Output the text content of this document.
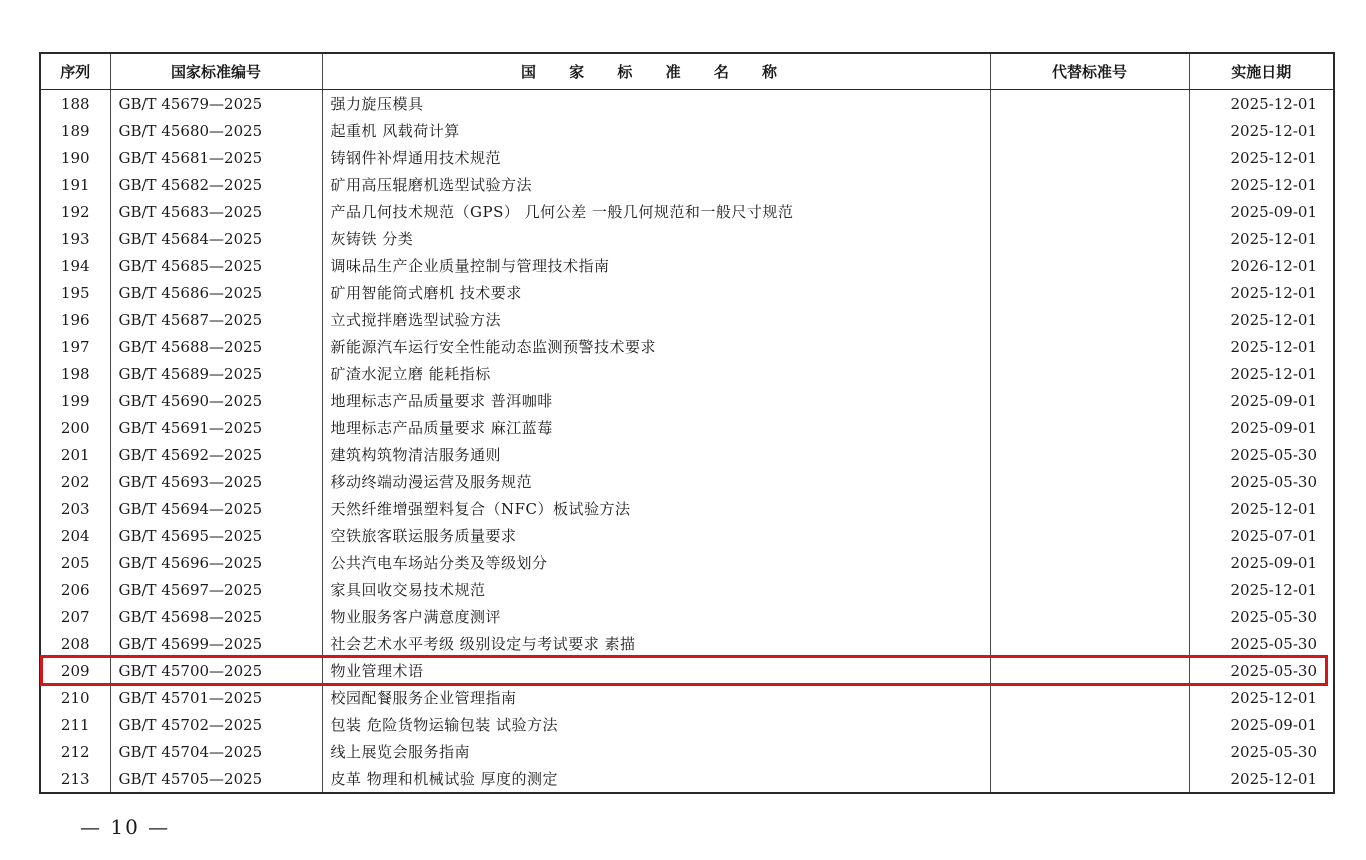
序列	国家标准编号	国 家 标 准 名 称	代替标准号	实施日期
188	GB/T 45679—2025	强力旋压模具		2025-12-01
189	GB/T 45680—2025	起重机 风载荷计算		2025-12-01
190	GB/T 45681—2025	铸钢件补焊通用技术规范		2025-12-01
191	GB/T 45682—2025	矿用高压辊磨机选型试验方法		2025-12-01
192	GB/T 45683—2025	产品几何技术规范（GPS） 几何公差 一般几何规范和一般尺寸规范		2025-09-01
193	GB/T 45684—2025	灰铸铁 分类		2025-12-01
194	GB/T 45685—2025	调味品生产企业质量控制与管理技术指南		2026-12-01
195	GB/T 45686—2025	矿用智能筒式磨机 技术要求		2025-12-01
196	GB/T 45687—2025	立式搅拌磨选型试验方法		2025-12-01
197	GB/T 45688—2025	新能源汽车运行安全性能动态监测预警技术要求		2025-12-01
198	GB/T 45689—2025	矿渣水泥立磨 能耗指标		2025-12-01
199	GB/T 45690—2025	地理标志产品质量要求 普洱咖啡		2025-09-01
200	GB/T 45691—2025	地理标志产品质量要求 麻江蓝莓		2025-09-01
201	GB/T 45692—2025	建筑构筑物清洁服务通则		2025-05-30
202	GB/T 45693—2025	移动终端动漫运营及服务规范		2025-05-30
203	GB/T 45694—2025	天然纤维增强塑料复合（NFC）板试验方法		2025-12-01
204	GB/T 45695—2025	空铁旅客联运服务质量要求		2025-07-01
205	GB/T 45696—2025	公共汽电车场站分类及等级划分		2025-09-01
206	GB/T 45697—2025	家具回收交易技术规范		2025-12-01
207	GB/T 45698—2025	物业服务客户满意度测评		2025-05-30
208	GB/T 45699—2025	社会艺术水平考级 级别设定与考试要求 素描		2025-05-30
209	GB/T 45700—2025	物业管理术语		2025-05-30
210	GB/T 45701—2025	校园配餐服务企业管理指南		2025-12-01
211	GB/T 45702—2025	包装 危险货物运输包装 试验方法		2025-09-01
212	GB/T 45704—2025	线上展览会服务指南		2025-05-30
213	GB/T 45705—2025	皮革 物理和机械试验 厚度的测定		2025-12-01
— 10 —
